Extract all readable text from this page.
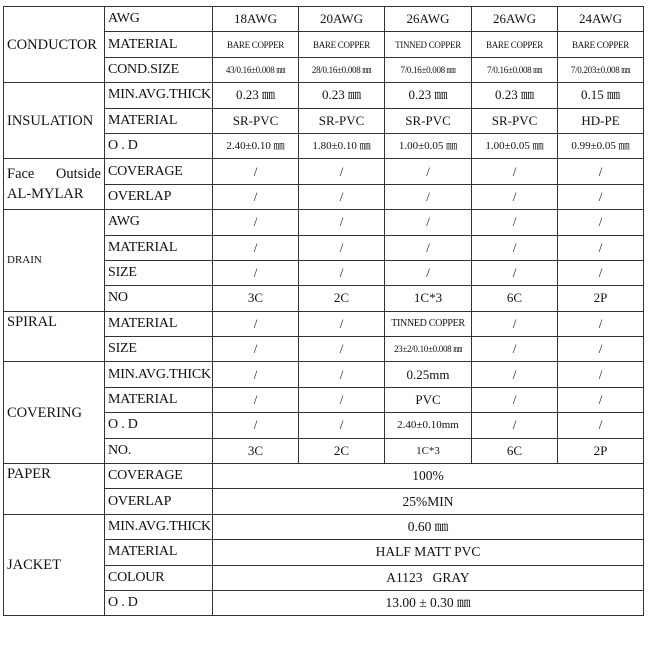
CONDUCTOR	AWG	18AWG	20AWG	26AWG	26AWG	24AWG
	MATERIAL	BARE COPPER	BARE COPPER	TINNED COPPER	BARE COPPER	BARE COPPER
	COND.SIZE	43/0.16±0.008 ㎜	28/0.16±0.008 ㎜	7/0.16±0.008 ㎜	7/0.16±0.008 ㎜	7/0.203±0.008 ㎜
INSULATION	MIN.AVG.THICK	0.23 ㎜	0.23 ㎜	0.23 ㎜	0.23 ㎜	0.15 ㎜
	MATERIAL	SR-PVC	SR-PVC	SR-PVC	SR-PVC	HD-PE
	O . D	2.40±0.10 ㎜	1.80±0.10 ㎜	1.00±0.05 ㎜	1.00±0.05 ㎜	0.99±0.05 ㎜

Face Outside
AL-MYLAR	COVERAGE	/	/	/	/	/
	OVERLAP	/	/	/	/	/
DRAIN	AWG	/	/	/	/	/
	MATERIAL	/	/	/	/	/
	SIZE	/	/	/	/	/
	NO	3C	2C	1C*3	6C	2P
SPIRAL	MATERIAL	/	/	TINNED COPPER	/	/
	SIZE	/	/	23±2/0.10±0.008 ㎜	/	/
COVERING	MIN.AVG.THICK	/	/	0.25mm	/	/
	MATERIAL	/	/	PVC	/	/
	O . D	/	/	2.40±0.10mm	/	/
	NO.	3C	2C	1C*3	6C	2P
PAPER	COVERAGE	100%				
	OVERLAP	25%MIN				
JACKET	MIN.AVG.THICK	0.60 ㎜				
	MATERIAL	HALF MATT PVC				
	COLOUR	A1123   GRAY				
	O . D	13.00 ± 0.30 ㎜				
